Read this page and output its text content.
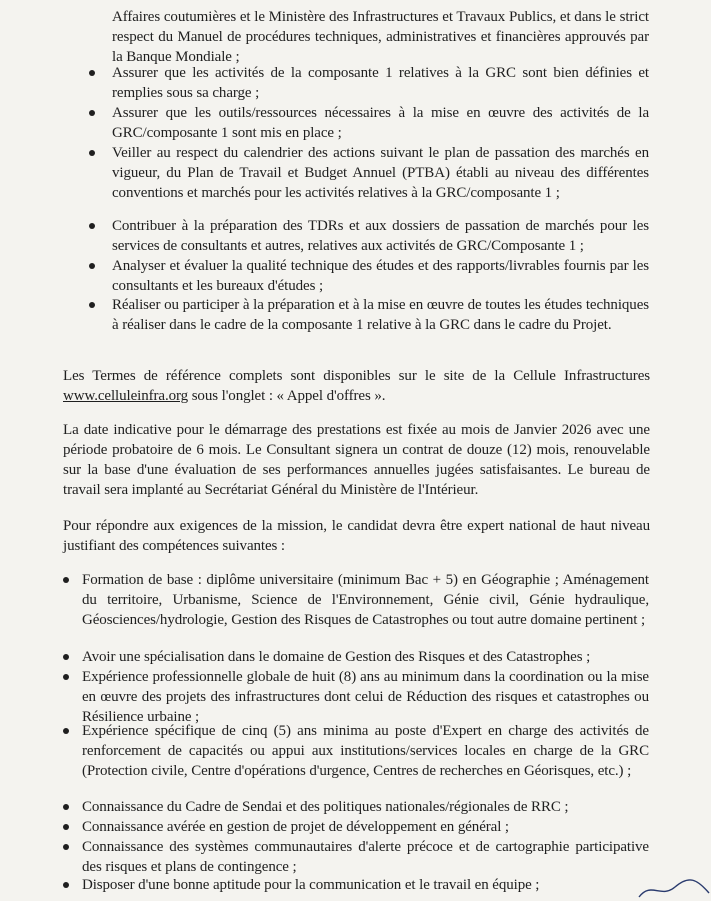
Affaires coutumières et le Ministère des Infrastructures et Travaux Publics, et dans le strict respect du Manuel de procédures techniques, administratives et financières approuvés par la Banque Mondiale ;
Assurer que les activités de la composante 1 relatives à la GRC sont bien définies et remplies sous sa charge ;
Assurer que les outils/ressources nécessaires à la mise en œuvre des activités de la GRC/composante 1 sont mis en place ;
Veiller au respect du calendrier des actions suivant le plan de passation des marchés en vigueur, du Plan de Travail et Budget Annuel (PTBA) établi au niveau des différentes conventions et marchés pour les activités relatives à la GRC/composante 1 ;
Contribuer à la préparation des TDRs et aux dossiers de passation de marchés pour les services de consultants et autres, relatives aux activités de GRC/Composante 1 ;
Analyser et évaluer la qualité technique des études et des rapports/livrables fournis par les consultants et les bureaux d'études ;
Réaliser ou participer à la préparation et à la mise en œuvre de toutes les études techniques à réaliser dans le cadre de la composante 1 relative à la GRC dans le cadre du Projet.
Les Termes de référence complets sont disponibles sur le site de la Cellule Infrastructures www.celluleinfra.org sous l'onglet : « Appel d'offres ».
La date indicative pour le démarrage des prestations est fixée au mois de Janvier 2026 avec une période probatoire de 6 mois. Le Consultant signera un contrat de douze (12) mois, renouvelable sur la base d'une évaluation de ses performances annuelles jugées satisfaisantes. Le bureau de travail sera implanté au Secrétariat Général du Ministère de l'Intérieur.
Pour répondre aux exigences de la mission, le candidat devra être expert national de haut niveau justifiant des compétences suivantes :
Formation de base : diplôme universitaire (minimum Bac + 5) en Géographie ; Aménagement du territoire, Urbanisme, Science de l'Environnement, Génie civil, Génie hydraulique, Géosciences/hydrologie, Gestion des Risques de Catastrophes ou tout autre domaine pertinent ;
Avoir une spécialisation dans le domaine de Gestion des Risques et des Catastrophes ;
Expérience professionnelle globale de huit (8) ans au minimum dans la coordination ou la mise en œuvre des projets des infrastructures dont celui de Réduction des risques et catastrophes ou Résilience urbaine ;
Expérience spécifique de cinq (5) ans minima au poste d'Expert en charge des activités de renforcement de capacités ou appui aux institutions/services locales en charge de la GRC (Protection civile, Centre d'opérations d'urgence, Centres de recherches en Géorisques, etc.) ;
Connaissance du Cadre de Sendai et des politiques nationales/régionales de RRC ;
Connaissance avérée en gestion de projet de développement en général ;
Connaissance des systèmes communautaires d'alerte précoce et de cartographie participative des risques et plans de contingence ;
Disposer d'une bonne aptitude pour la communication et le travail en équipe ;
